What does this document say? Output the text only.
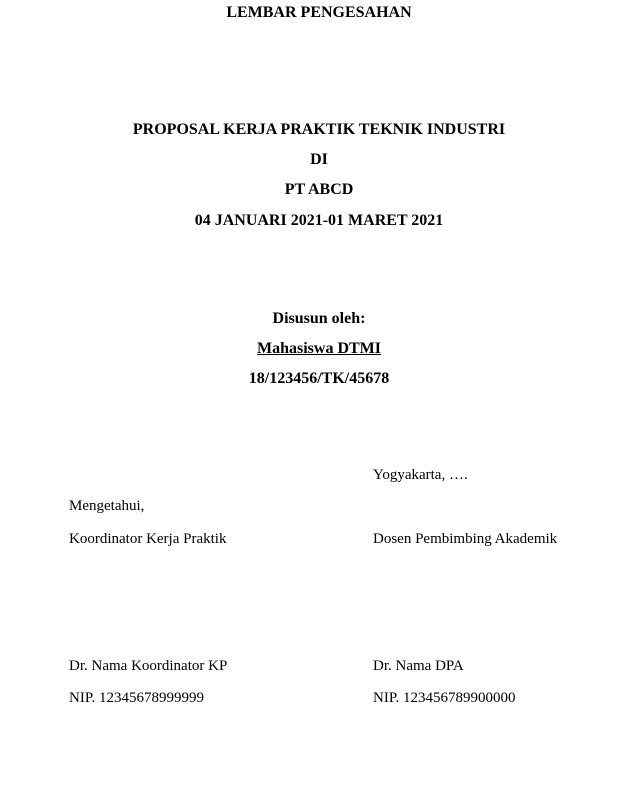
LEMBAR PENGESAHAN
PROPOSAL KERJA PRAKTIK TEKNIK INDUSTRI
DI
PT ABCD
04 JANUARI 2021-01 MARET 2021
Disusun oleh:
Mahasiswa DTMI
18/123456/TK/45678
Yogyakarta, ….
Mengetahui,
Koordinator Kerja Praktik	Dosen Pembimbing Akademik
Dr. Nama Koordinator KP	Dr. Nama DPA
NIP. 12345678999999	NIP. 123456789900000
